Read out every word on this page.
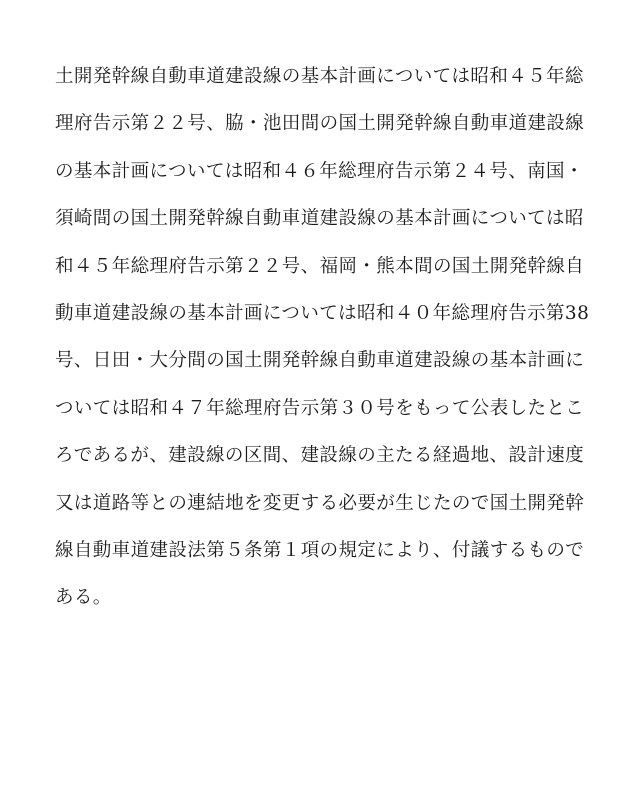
土開発幹線自動車道建設線の基本計画については昭和４５年総
理府告示第２２号、脇・池田間の国土開発幹線自動車道建設線
の基本計画については昭和４６年総理府告示第２４号、南国・
須崎間の国土開発幹線自動車道建設線の基本計画については昭
和４５年総理府告示第２２号、福岡・熊本間の国土開発幹線自
動車道建設線の基本計画については昭和４０年総理府告示第38
号、日田・大分間の国土開発幹線自動車道建設線の基本計画に
ついては昭和４７年総理府告示第３０号をもって公表したとこ
ろであるが、建設線の区間、建設線の主たる経過地、設計速度
又は道路等との連結地を変更する必要が生じたので国土開発幹
線自動車道建設法第５条第１項の規定により、付議するもので
ある。
